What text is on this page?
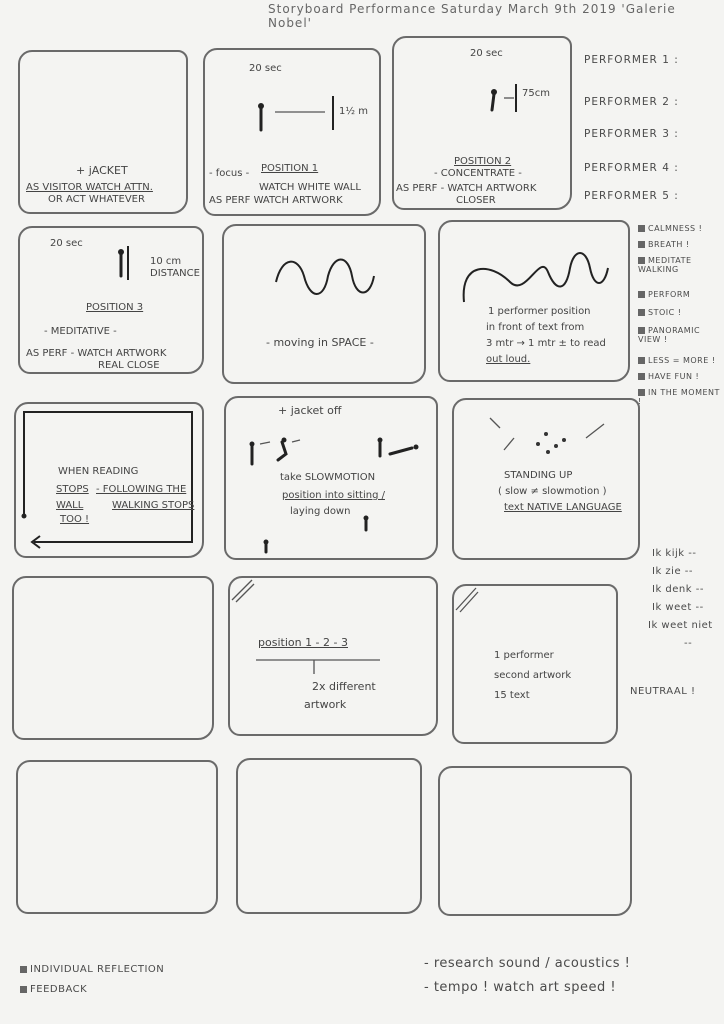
Storyboard Performance Saturday March 9th 2019 'Galerie Nobel'
+ jACKET
AS VISITOR WATCH ATTN.
OR ACT WHATEVER
20 sec
1½ m
- focus - POSITION 1
WATCH WHITE WALL
AS PERF WATCH ARTWORK
20 sec
75cm
POSITION 2
- CONCENTRATE -
AS PERF - WATCH ARTWORK
CLOSER
PERFORMER 1 :
PERFORMER 2 :
PERFORMER 3 :
PERFORMER 4 :
PERFORMER 5 :
20 sec
10 cm
DISTANCE
POSITION 3
- MEDITATIVE -
AS PERF - WATCH ARTWORK
REAL CLOSE
- moving in SPACE -
1 performer position
in front of text from
3 mtr → 1 mtr ± to read
out loud.
CALMNESS !
BREATH !
MEDITATE WALKING
PERFORM
STOIC !
PANORAMIC VIEW !
LESS = MORE !
HAVE FUN !
IN THE MOMENT !
WHEN READING
STOPS - FOLLOWING THE
WALL	WALKING STOPS
TOO !
+ jacket off
take SLOWMOTION
position into sitting /
laying down
STANDING UP
( slow ≠ slowmotion )
text NATIVE LANGUAGE
Ik kijk --
Ik zie --
Ik denk --
Ik weet --
Ik weet niet
--
position 1 - 2 - 3
2x different
artwork
1 performer
second artwork
15 text	NEUTRAAL !
INDIVIDUAL REFLECTION
FEEDBACK
- research sound / acoustics !
- tempo ! watch art speed !
